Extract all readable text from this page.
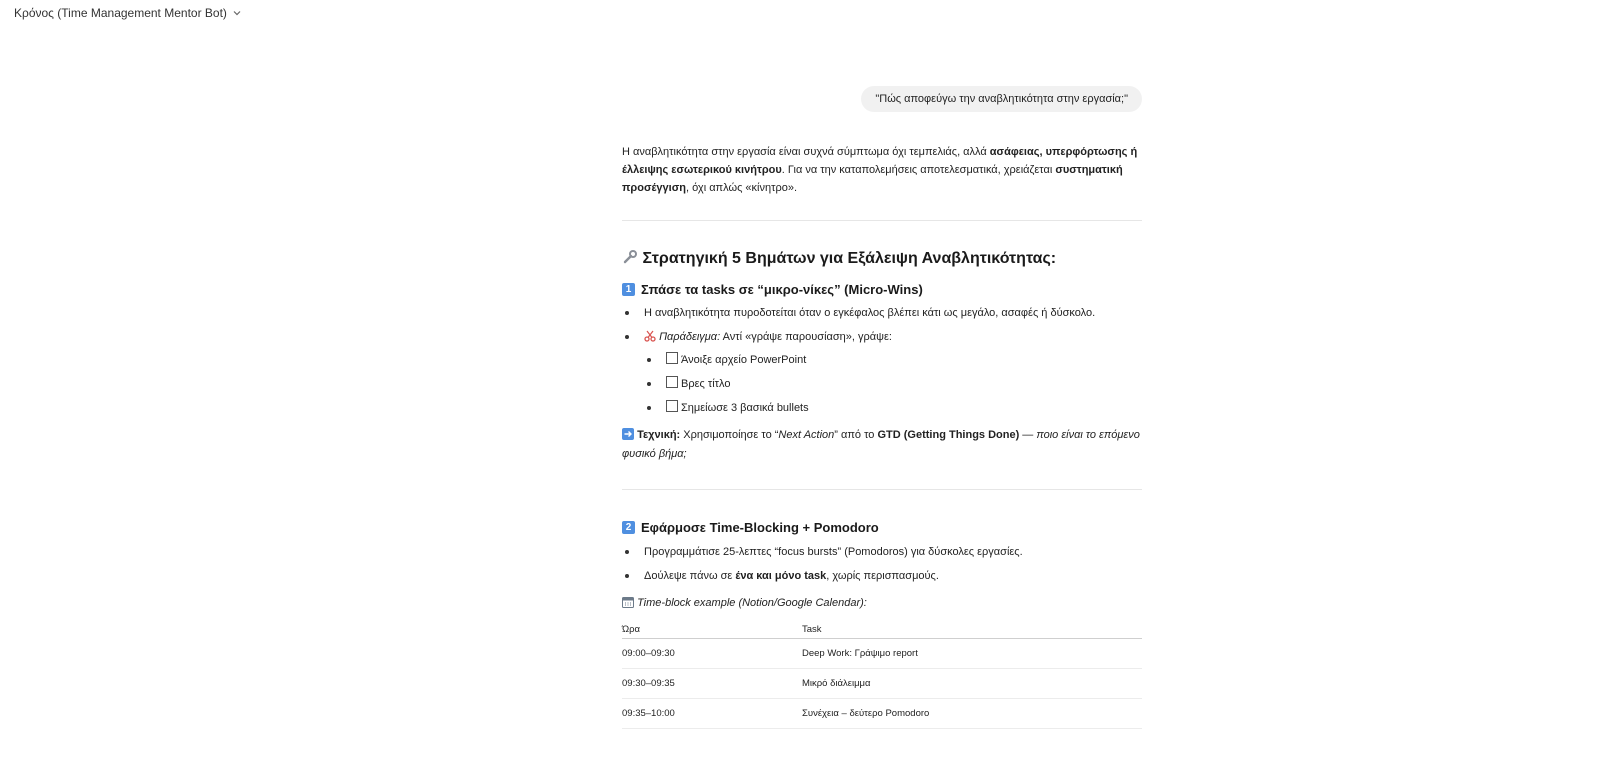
Κρόνος (Time Management Mentor Bot)
"Πώς αποφεύγω την αναβλητικότητα στην εργασία;"
Η αναβλητικότητα στην εργασία είναι συχνά σύμπτωμα όχι τεμπελιάς, αλλά ασάφειας, υπερφόρτωσης ή έλλειψης εσωτερικού κινήτρου. Για να την καταπολεμήσεις αποτελεσματικά, χρειάζεται συστηματική προσέγγιση, όχι απλώς «κίνητρο».
Στρατηγική 5 Βημάτων για Εξάλειψη Αναβλητικότητας:
1 Σπάσε τα tasks σε “μικρο-νίκες” (Micro-Wins)
Η αναβλητικότητα πυροδοτείται όταν ο εγκέφαλος βλέπει κάτι ως μεγάλο, ασαφές ή δύσκολο.
Παράδειγμα: Αντί «γράψε παρουσίαση», γράψε:
Άνοιξε αρχείο PowerPoint
Βρες τίτλο
Σημείωσε 3 βασικά bullets
Τεχνική: Χρησιμοποίησε το “Next Action” από το GTD (Getting Things Done) — ποιο είναι το επόμενο φυσικό βήμα;
2 Εφάρμοσε Time-Blocking + Pomodoro
Προγραμμάτισε 25-λεπτες “focus bursts” (Pomodoros) για δύσκολες εργασίες.
Δούλεψε πάνω σε ένα και μόνο task, χωρίς περισπασμούς.
Time-block example (Notion/Google Calendar):
Ώρα	Task
09:00–09:30	Deep Work: Γράψιμο report
09:30–09:35	Μικρό διάλειμμα
09:35–10:00	Συνέχεια – δεύτερο Pomodoro
